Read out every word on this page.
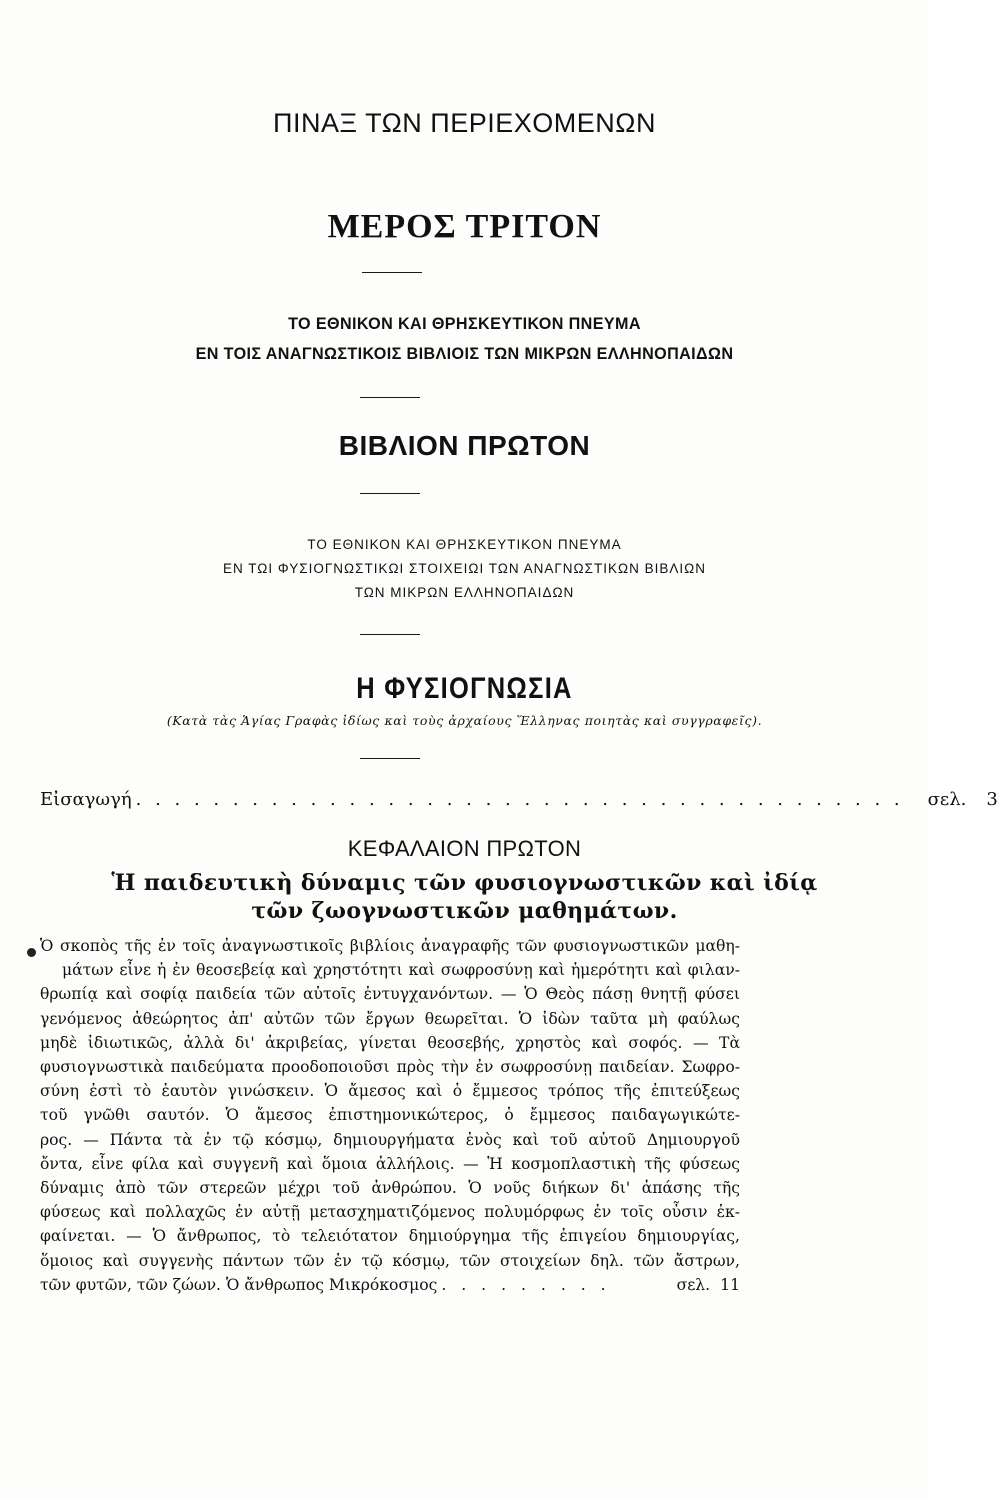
ΠΙΝΑΞ ΤΩΝ ΠΕΡΙΕΧΟΜΕΝΩΝ
ΜΕΡΟΣ ΤΡΙΤΟΝ
ΤΟ ΕΘΝΙΚΟΝ ΚΑΙ ΘΡΗΣΚΕΥΤΙΚΟΝ ΠΝΕΥΜΑ
ΕΝ ΤΟΙΣ ΑΝΑΓΝΩΣΤΙΚΟΙΣ ΒΙΒΛΙΟΙΣ ΤΩΝ ΜΙΚΡΩΝ ΕΛΛΗΝΟΠΑΙΔΩΝ
ΒΙΒΛΙΟΝ ΠΡΩΤΟΝ
ΤΟ ΕΘΝΙΚΟΝ ΚΑΙ ΘΡΗΣΚΕΥΤΙΚΟΝ ΠΝΕΥΜΑ
ΕΝ ΤΩΙ ΦΥΣΙΟΓΝΩΣΤΙΚΩΙ ΣΤΟΙΧΕΙΩΙ ΤΩΝ ΑΝΑΓΝΩΣΤΙΚΩΝ ΒΙΒΛΙΩΝ
ΤΩΝ ΜΙΚΡΩΝ ΕΛΛΗΝΟΠΑΙΔΩΝ
Η ΦΥΣΙΟΓΝΩΣΙΑ
(Κατὰ τὰς Ἁγίας Γραφὰς ἰδίως καὶ τοὺς ἀρχαίους Ἕλληνας ποιητὰς καὶ συγγραφεῖς).
Εἰσαγωγή . . . . . . . . . . . . . . . . . . . . . . . . . . . . . . . . . . . . . . . .	σελ. 3
ΚΕΦΑΛΑΙΟΝ ΠΡΩΤΟΝ
Ἡ παιδευτικὴ δύναμις τῶν φυσιογνωστικῶν καὶ ἰδίᾳ
τῶν ζωογνωστικῶν μαθημάτων.
Ὁ σκοπὸς τῆς ἐν τοῖς ἀναγνωστικοῖς βιβλίοις ἀναγραφῆς τῶν φυσιογνωστικῶν μαθη-
μάτων εἶνε ἡ ἐν θεοσεβείᾳ καὶ χρηστότητι καὶ σωφροσύνῃ καὶ ἡμερότητι καὶ φιλαν-
θρωπίᾳ καὶ σοφίᾳ παιδεία τῶν αὐτοῖς ἐντυγχανόντων. — Ὁ Θεὸς πάσῃ θνητῇ φύσει
γενόμενος ἀθεώρητος ἀπ' αὐτῶν τῶν ἔργων θεωρεῖται. Ὁ ἰδὼν ταῦτα μὴ φαύλως
μηδὲ ἰδιωτικῶς, ἀλλὰ δι' ἀκριβείας, γίνεται θεοσεβής, χρηστὸς καὶ σοφός. — Τὰ
φυσιογνωστικὰ παιδεύματα προοδοποιοῦσι πρὸς τὴν ἐν σωφροσύνῃ παιδείαν. Σωφρο-
σύνη ἐστὶ τὸ ἑαυτὸν γινώσκειν. Ὁ ἄμεσος καὶ ὁ ἔμμεσος τρόπος τῆς ἐπιτεύξεως
τοῦ γνῶθι σαυτόν. Ὁ ἄμεσος ἐπιστημονικώτερος, ὁ ἔμμεσος παιδαγωγικώτε-
ρος. — Πάντα τὰ ἐν τῷ κόσμῳ, δημιουργήματα ἑνὸς καὶ τοῦ αὐτοῦ Δημιουργοῦ
ὄντα, εἶνε φίλα καὶ συγγενῆ καὶ ὅμοια ἀλλήλοις. — Ἡ κοσμοπλαστικὴ τῆς φύσεως
δύναμις ἀπὸ τῶν στερεῶν μέχρι τοῦ ἀνθρώπου. Ὁ νοῦς διήκων δι' ἁπάσης τῆς
φύσεως καὶ πολλαχῶς ἐν αὐτῇ μετασχηματιζόμενος πολυμόρφως ἐν τοῖς οὖσιν ἐκ-
φαίνεται. — Ὁ ἄνθρωπος, τὸ τελειότατον δημιούργημα τῆς ἐπιγείου δημιουργίας,
ὅμοιος καὶ συγγενὴς πάντων τῶν ἐν τῷ κόσμῳ, τῶν στοιχείων δηλ. τῶν ἄστρων,
τῶν φυτῶν, τῶν ζώων. Ὁ ἄνθρωπος Μικρόκοσμος . . . . . . . . .	σελ. 11
